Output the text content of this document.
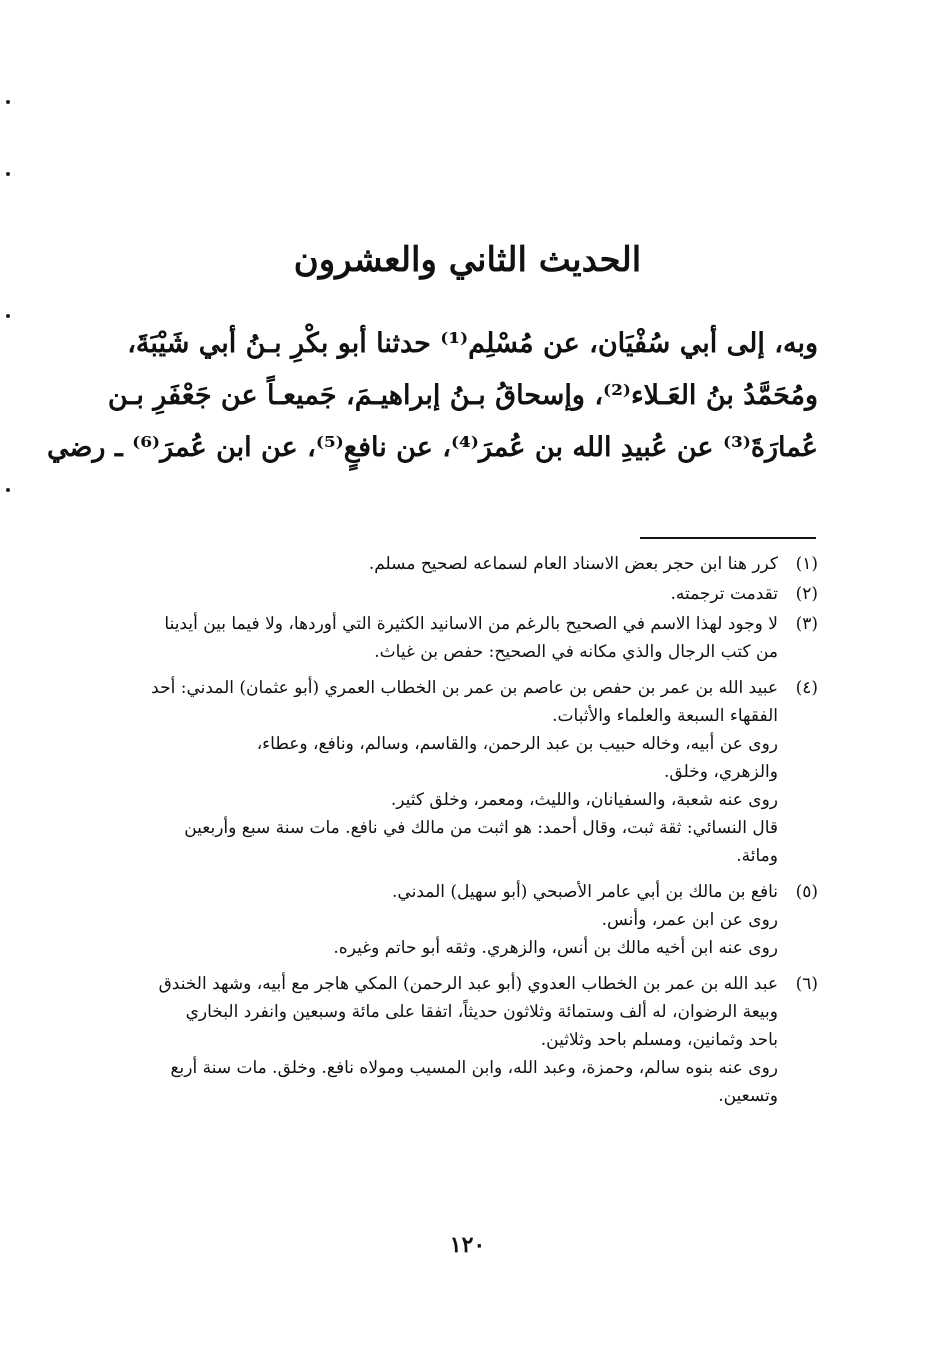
الحديث الثاني والعشرون
وبه، إلى أبي سُفْيَان، عن مُسْلِم⁽¹⁾ حدثنا أبو بكْرِ بـنُ أبي شَيْبَةَ،
ومُحَمَّدُ بنُ العَـلاء⁽²⁾، وإسحاقُ بـنُ إبراهيـمَ، جَميعـاً عن جَعْفَرِ بـن
عُمارَةَ⁽³⁾ عن عُبيدِ الله بن عُمرَ⁽⁴⁾، عن نافعٍ⁽⁵⁾، عن ابن عُمرَ⁽⁶⁾ ـ رضي
(١)
كرر هنا ابن حجر بعض الاسناد العام لسماعه لصحيح مسلم.
(٢)
تقدمت ترجمته.
(٣)
لا وجود لهذا الاسم في الصحيح بالرغم من الاسانيد الكثيرة التي أوردها، ولا فيما بين أيدينا
من كتب الرجال والذي مكانه في الصحيح: حفص بن غياث.
(٤)
عبيد الله بن عمر بن حفص بن عاصم بن عمر بن الخطاب العمري (أبو عثمان) المدني: أحد
الفقهاء السبعة والعلماء والأثبات.
روى عن أبيه، وخاله حبيب بن عبد الرحمن، والقاسم، وسالم، ونافع، وعطاء،
والزهري، وخلق.
روى عنه شعبة، والسفيانان، والليث، ومعمر، وخلق كثير.
قال النسائي: ثقة ثبت، وقال أحمد: هو اثبت من مالك في نافع. مات سنة سبع وأربعين
ومائة.
(٥)
نافع بن مالك بن أبي عامر الأصبحي (أبو سهيل) المدني.
روى عن ابن عمر، وأنس.
روى عنه ابن أخيه مالك بن أنس، والزهري. وثقه أبو حاتم وغيره.
(٦)
عبد الله بن عمر بن الخطاب العدوي (أبو عبد الرحمن) المكي هاجر مع أبيه، وشهد الخندق
وبيعة الرضوان، له ألف وستمائة وثلاثون حديثاً، اتفقا على مائة وسبعين وانفرد البخاري
باحد وثمانين، ومسلم باحد وثلاثين.
روى عنه بنوه سالم، وحمزة، وعبد الله، وابن المسيب ومولاه نافع. وخلق. مات سنة أربع
وتسعين.
١٢٠
